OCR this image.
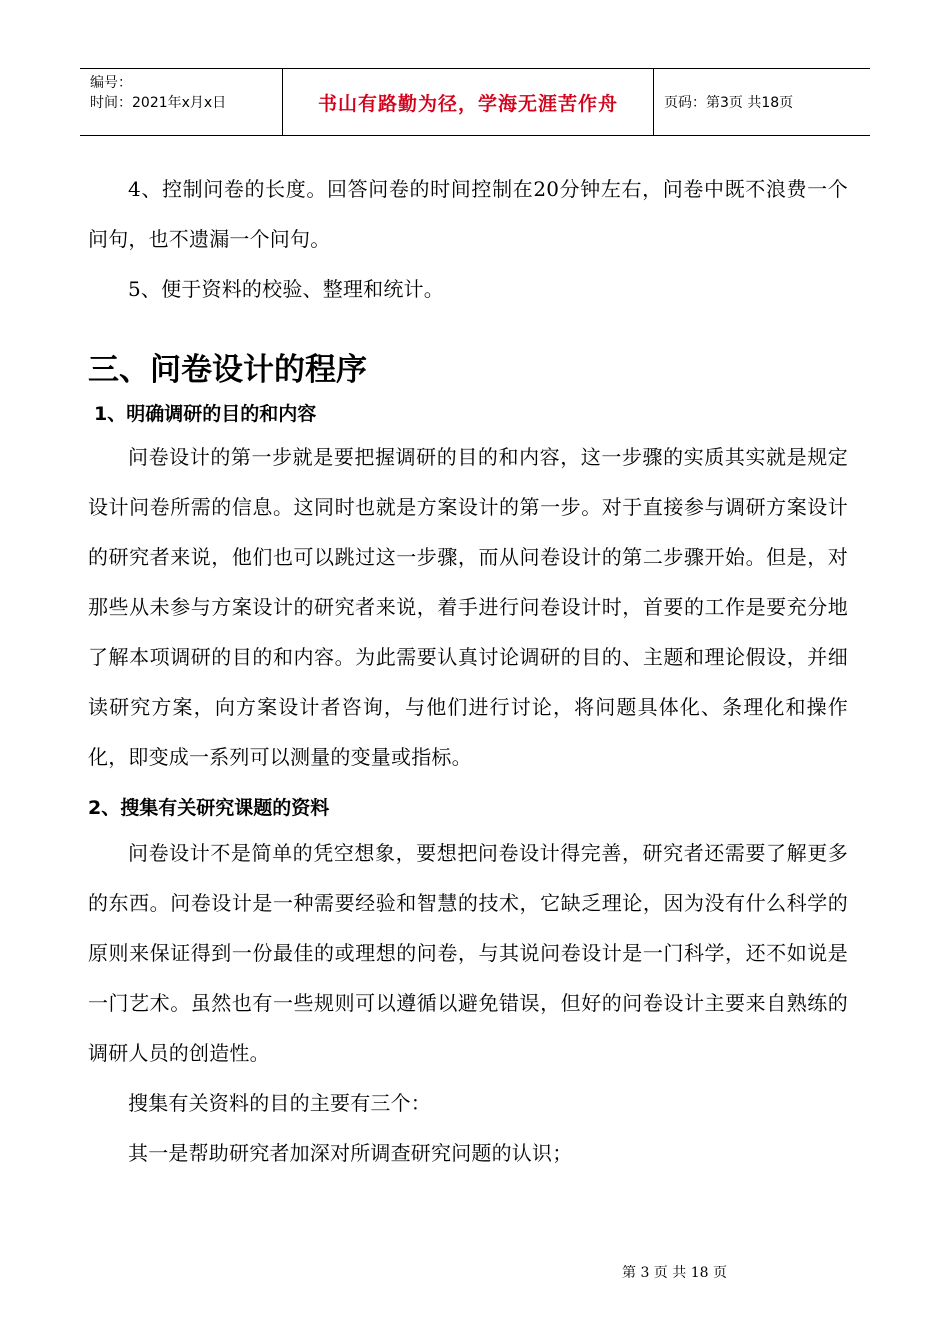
编号：
时间：2021年x月x日	书山有路勤为径，学海无涯苦作舟	页码：第3页 共18页

4、控制问卷的长度。回答问卷的时间控制在20分钟左右，问卷中既不浪费一个问句，也不遗漏一个问句。

5、便于资料的校验、整理和统计。

三、问卷设计的程序
1、明确调研的目的和内容

问卷设计的第一步就是要把握调研的目的和内容，这一步骤的实质其实就是规定设计问卷所需的信息。这同时也就是方案设计的第一步。对于直接参与调研方案设计的研究者来说，他们也可以跳过这一步骤，而从问卷设计的第二步骤开始。但是，对那些从未参与方案设计的研究者来说，着手进行问卷设计时，首要的工作是要充分地了解本项调研的目的和内容。为此需要认真讨论调研的目的、主题和理论假设，并细读研究方案，向方案设计者咨询，与他们进行讨论，将问题具体化、条理化和操作化，即变成一系列可以测量的变量或指标。

2、搜集有关研究课题的资料

问卷设计不是简单的凭空想象，要想把问卷设计得完善，研究者还需要了解更多的东西。问卷设计是一种需要经验和智慧的技术，它缺乏理论，因为没有什么科学的原则来保证得到一份最佳的或理想的问卷，与其说问卷设计是一门科学，还不如说是一门艺术。虽然也有一些规则可以遵循以避免错误，但好的问卷设计主要来自熟练的调研人员的创造性。

搜集有关资料的目的主要有三个：

其一是帮助研究者加深对所调查研究问题的认识；

第 3 页 共 18 页
